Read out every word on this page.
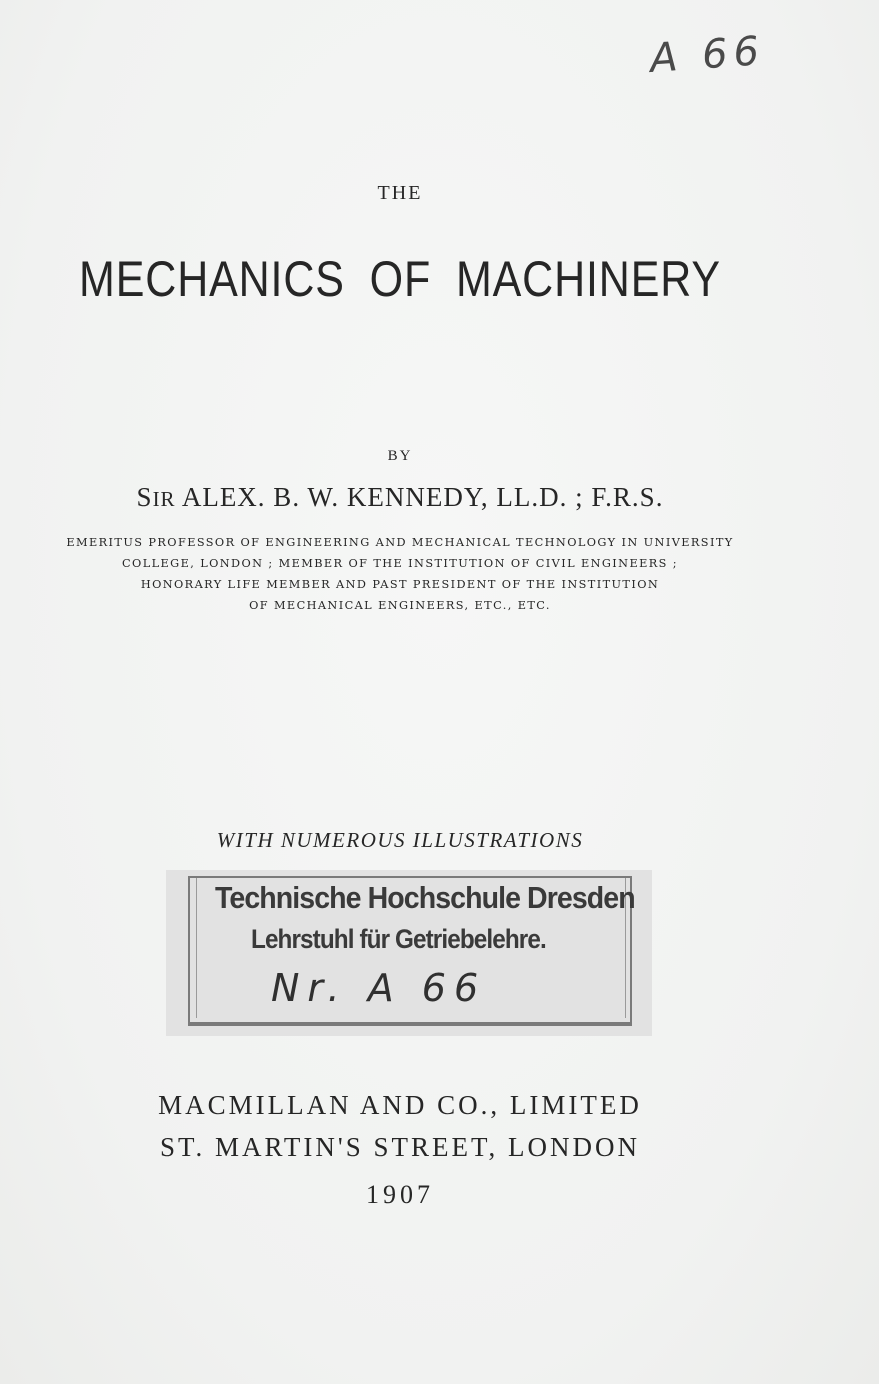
A 66
THE
MECHANICS OF MACHINERY
BY
SIR ALEX. B. W. KENNEDY, LL.D. ; F.R.S.
EMERITUS PROFESSOR OF ENGINEERING AND MECHANICAL TECHNOLOGY IN UNIVERSITY
COLLEGE, LONDON ; MEMBER OF THE INSTITUTION OF CIVIL ENGINEERS ;
HONORARY LIFE MEMBER AND PAST PRESIDENT OF THE INSTITUTION
OF MECHANICAL ENGINEERS, ETC., ETC.
WITH NUMEROUS ILLUSTRATIONS
Technische Hochschule Dresden
Lehrstuhl für Getriebelehre.
Nr. A 66
MACMILLAN AND CO., LIMITED
ST. MARTIN'S STREET, LONDON
1907
